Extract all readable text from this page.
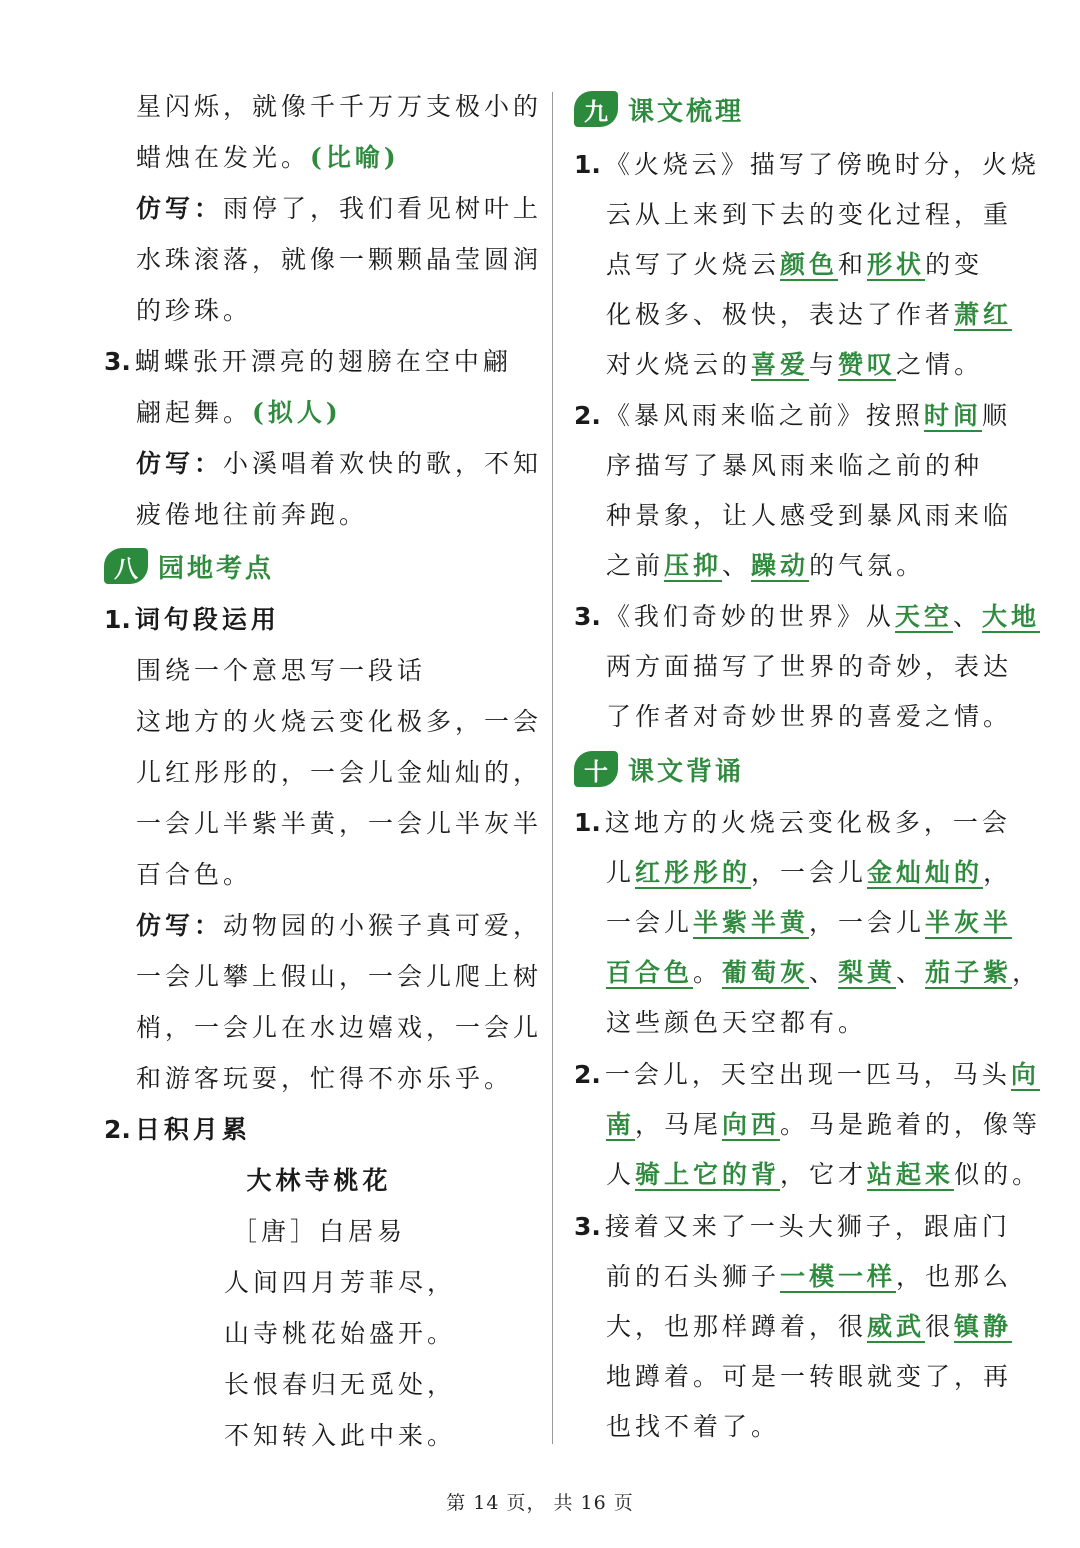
星闪烁，就像千千万万支极小的
蜡烛在发光。(比喻)
仿写：雨停了，我们看见树叶上
水珠滚落，就像一颗颗晶莹圆润
的珍珠。
3. 蝴蝶张开漂亮的翅膀在空中翩
翩起舞。(拟人)
仿写：小溪唱着欢快的歌，不知
疲倦地往前奔跑。
八 园地考点
1. 词句段运用
围绕一个意思写一段话
这地方的火烧云变化极多，一会
儿红彤彤的，一会儿金灿灿的，
一会儿半紫半黄，一会儿半灰半
百合色。
仿写：动物园的小猴子真可爱，
一会儿攀上假山，一会儿爬上树
梢，一会儿在水边嬉戏，一会儿
和游客玩耍，忙得不亦乐乎。
2. 日积月累
大林寺桃花
［唐］白居易
人间四月芳菲尽，
山寺桃花始盛开。
长恨春归无觅处，
不知转入此中来。
九 课文梳理
1. 《火烧云》描写了傍晚时分，火烧
云从上来到下去的变化过程，重
点写了火烧云颜色和形状的变
化极多、极快，表达了作者萧红
对火烧云的喜爱与赞叹之情。
2. 《暴风雨来临之前》按照时间顺
序描写了暴风雨来临之前的种
种景象，让人感受到暴风雨来临
之前压抑、躁动的气氛。
3. 《我们奇妙的世界》从天空、大地
两方面描写了世界的奇妙，表达
了作者对奇妙世界的喜爱之情。
十 课文背诵
1. 这地方的火烧云变化极多，一会
儿红彤彤的，一会儿金灿灿的，
一会儿半紫半黄，一会儿半灰半
百合色。葡萄灰、梨黄、茄子紫，
这些颜色天空都有。
2. 一会儿，天空出现一匹马，马头向
南，马尾向西。马是跪着的，像等
人骑上它的背，它才站起来似的。
3. 接着又来了一头大狮子，跟庙门
前的石头狮子一模一样，也那么
大，也那样蹲着，很威武很镇静
地蹲着。可是一转眼就变了，再
也找不着了。
第 14 页， 共 16 页
